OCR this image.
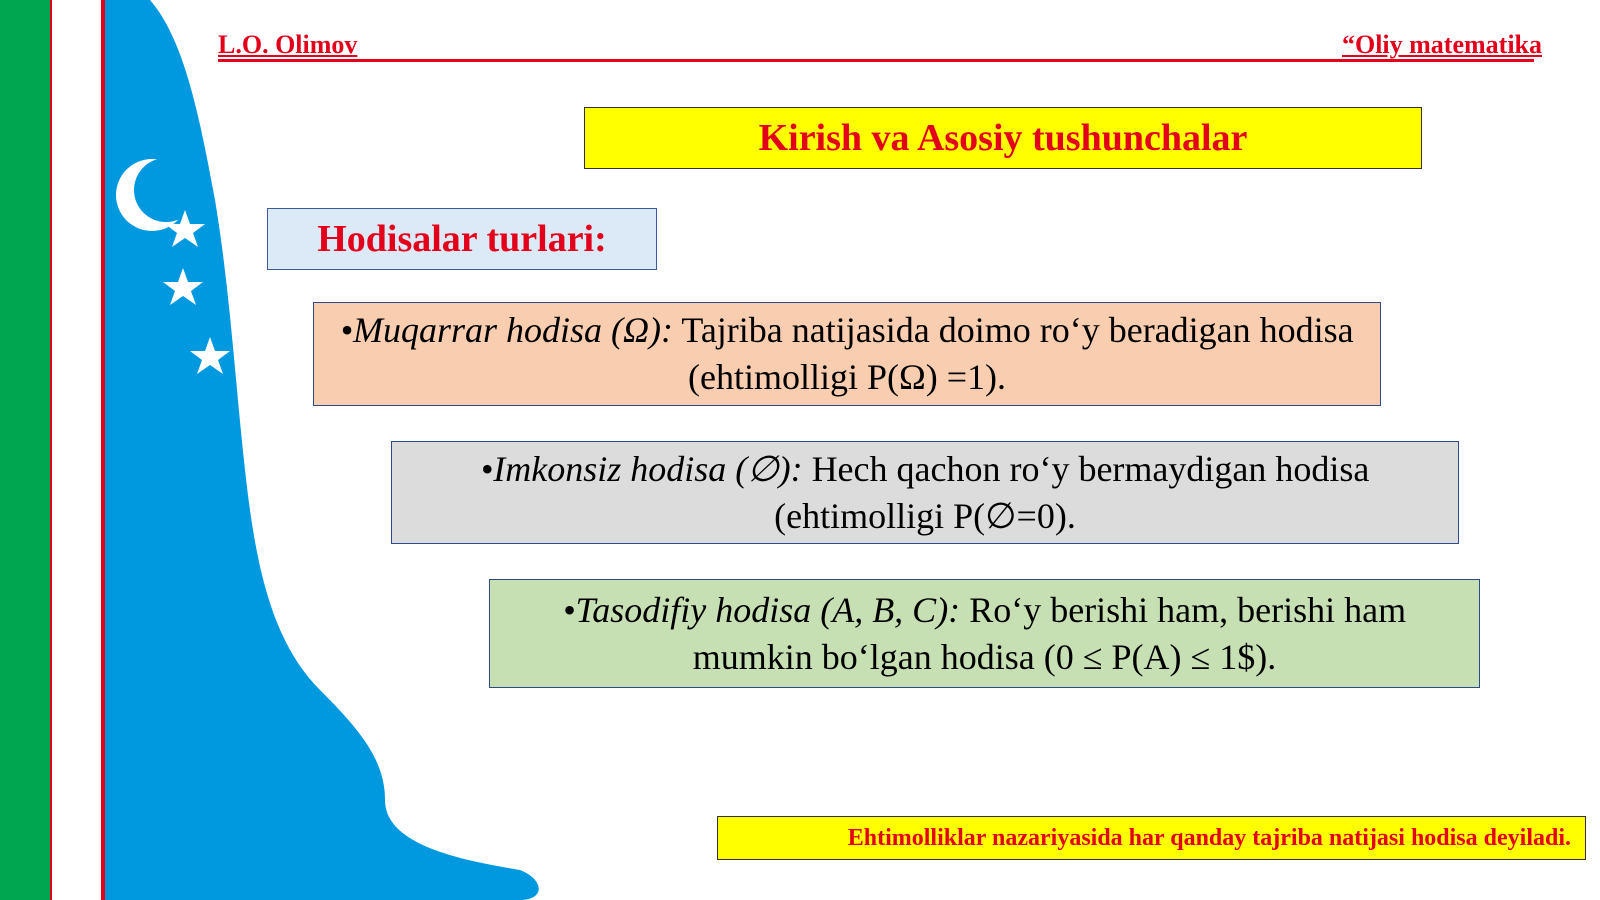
L.O. Olimov	“Oliy matematika
Kirish va Asosiy tushunchalar
Hodisalar turlari:
•Muqarrar hodisa (Ω): Tajriba natijasida doimo ro‘y beradigan hodisa (ehtimolligi P(Ω) =1).
•Imkonsiz hodisa (∅): Hech qachon ro‘y bermaydigan hodisa (ehtimolligi P(∅=0).
•Tasodifiy hodisa (A, B, C): Ro‘y berishi ham, berishi ham mumkin bo‘lgan hodisa (0 ≤ P(A) ≤ 1$).
Ehtimolliklar nazariyasida har qanday tajriba natijasi hodisa deyiladi.
